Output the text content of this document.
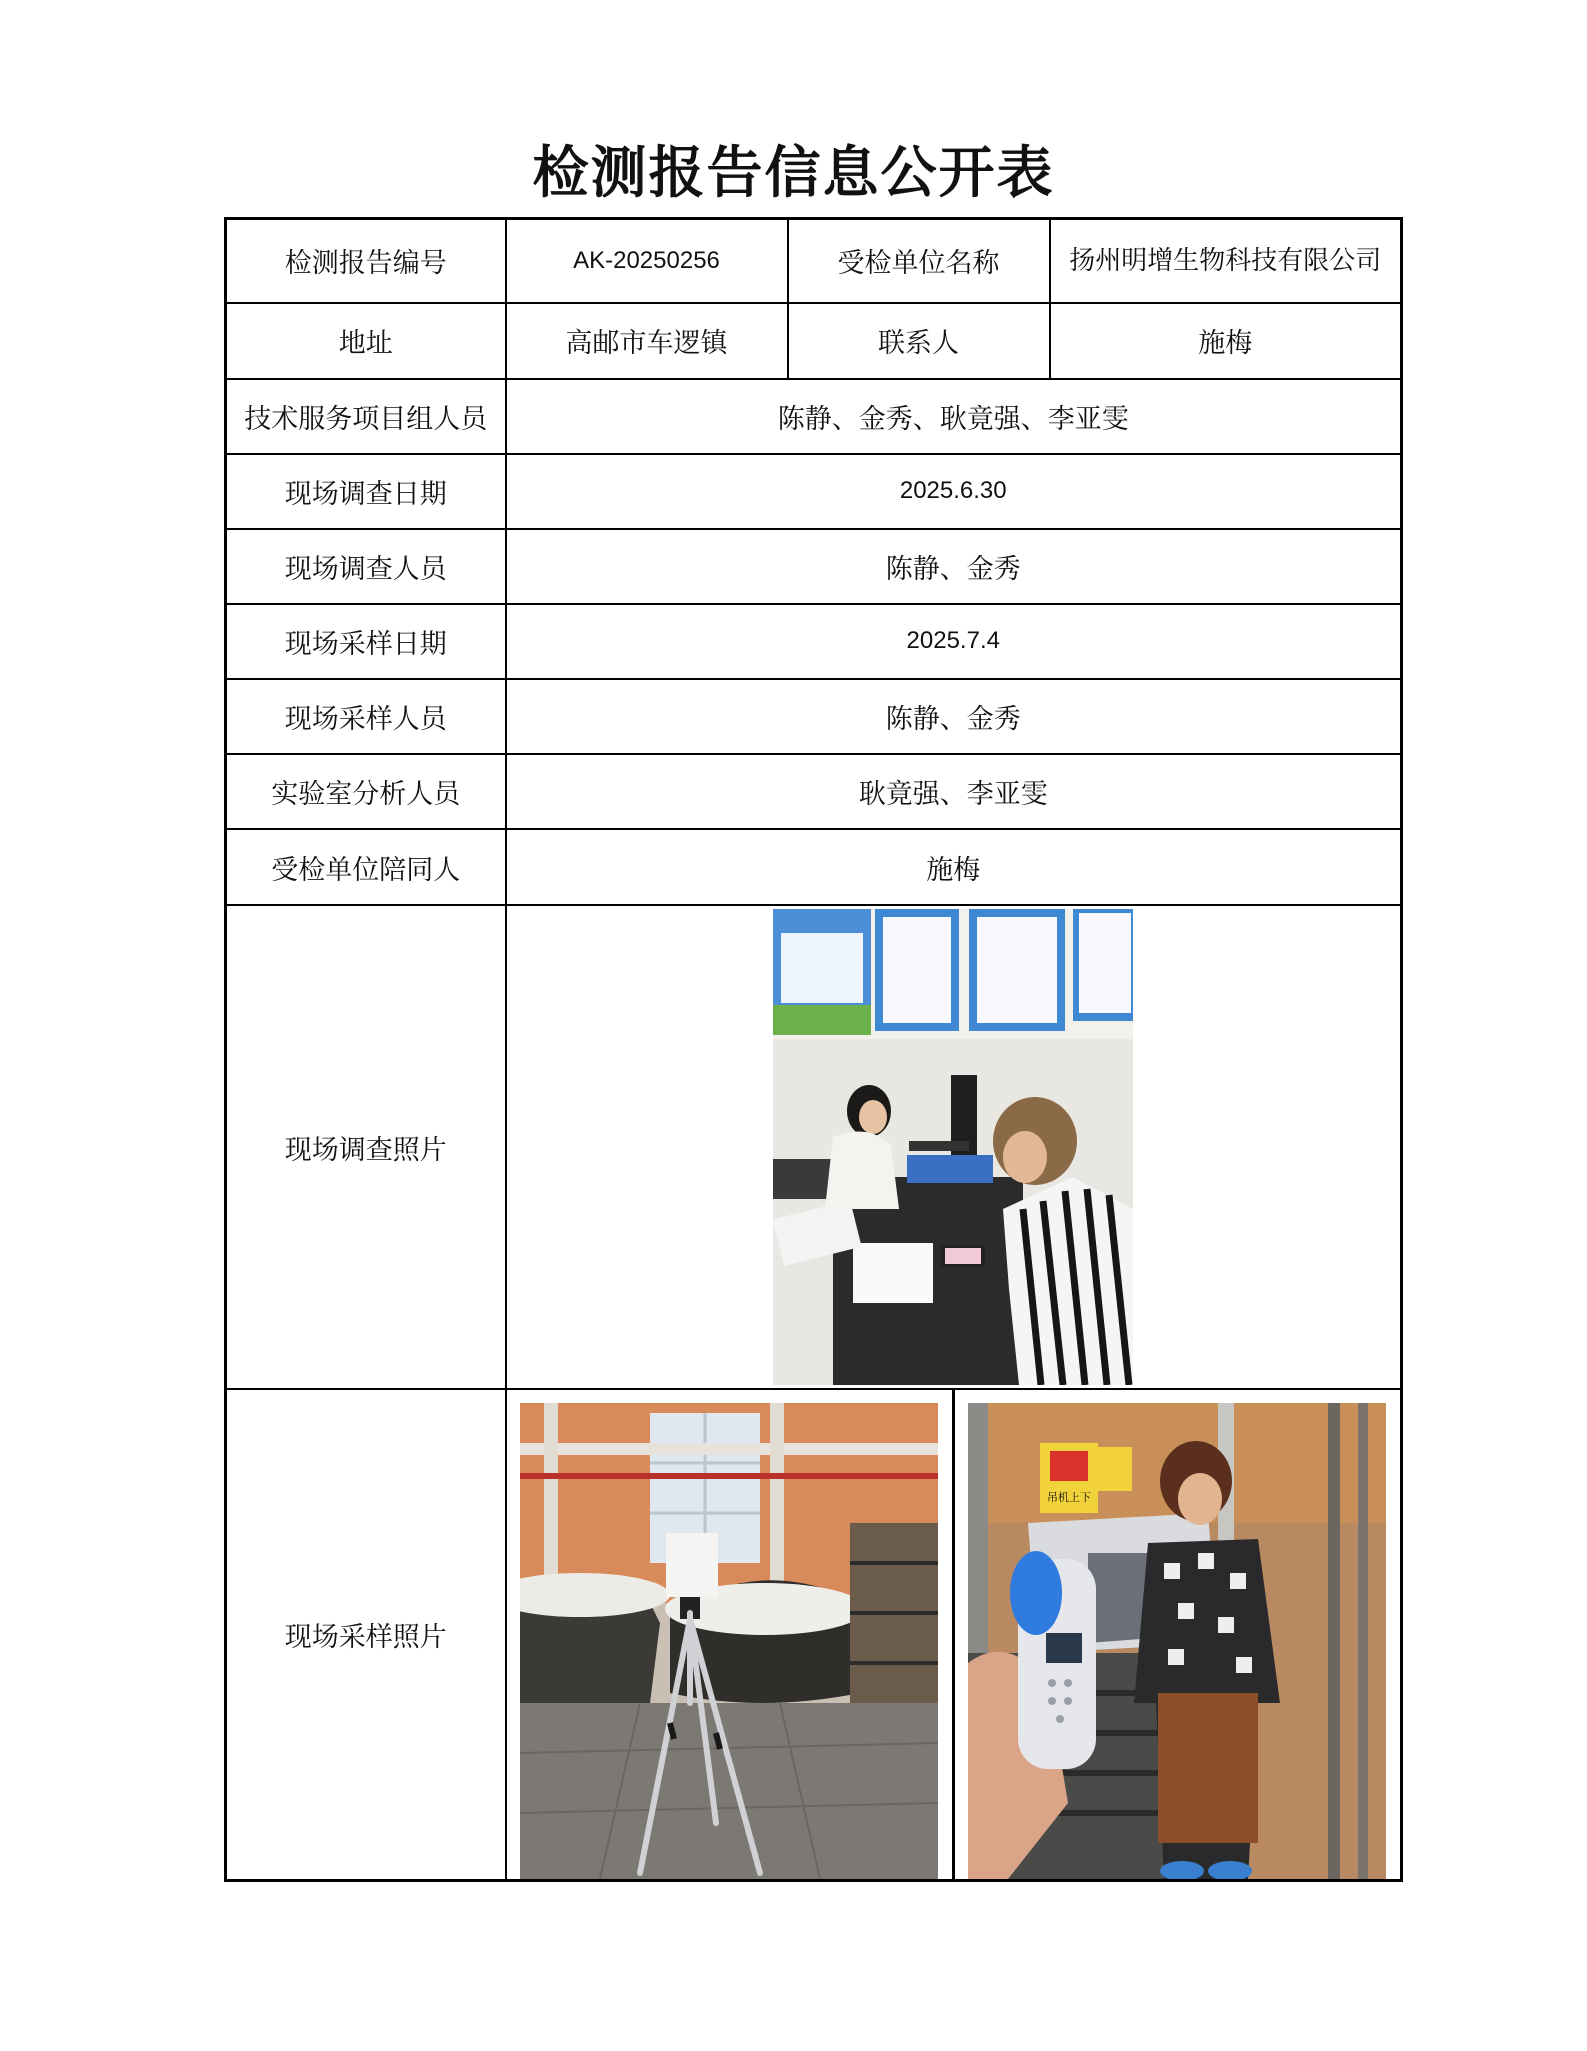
检测报告信息公开表
检测报告编号	AK-20250256	受检单位名称	扬州明增生物科技有限公司
地址	高邮市车逻镇	联系人	施梅
技术服务项目组人员	陈静、金秀、耿竟强、李亚雯		
现场调查日期	2025.6.30		
现场调查人员	陈静、金秀		
现场采样日期	2025.7.4		
现场采样人员	陈静、金秀		
实验室分析人员	耿竟强、李亚雯		
受检单位陪同人	施梅		
现场调查照片	

现场采样照片	吊机上下		
